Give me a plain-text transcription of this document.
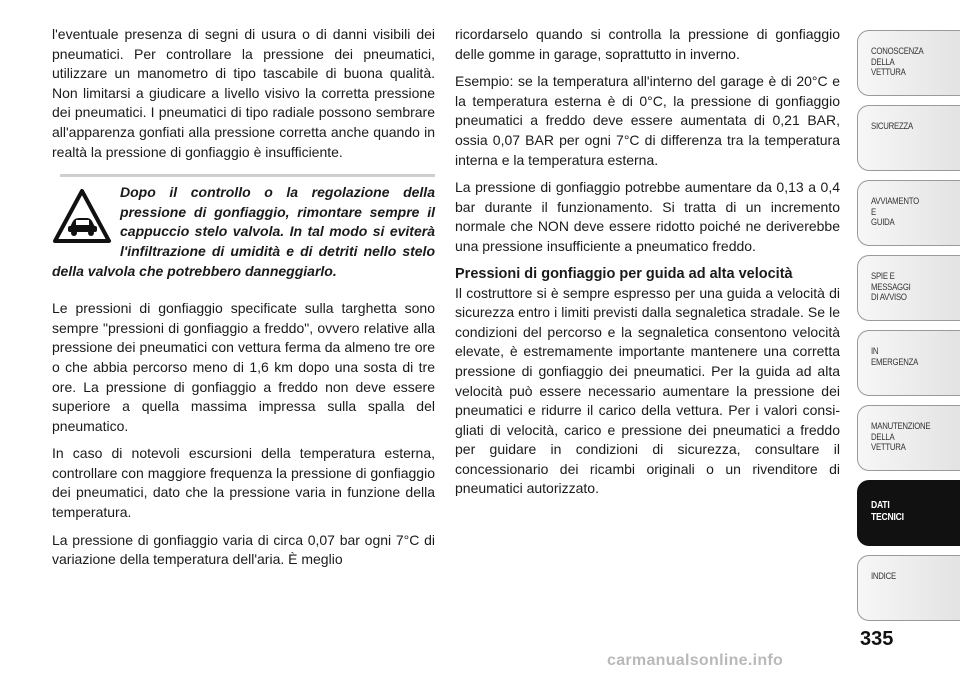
l'eventuale presenza di segni di usura o di danni visibili dei pneumatici. Per controllare la pressione dei pneumatici, utilizzare un manometro di tipo tascabile di buona qualità. Non limitarsi a giudicare a livello visivo la corretta pressione dei pneumatici. I pneumatici di tipo radiale possono sembrare all'apparenza gonfiati alla pressione corretta anche quando in realtà la pressione di gonfiaggio è insufficiente.

Dopo il controllo o la regolazione della pressione di gonfiaggio, rimontare sempre il cappuccio stelo valvola. In tal modo si eviterà l'infiltrazione di umidità e di detriti nello stelo della valvola che potrebbero danneggiarlo.

Le pressioni di gonfiaggio specificate sulla targhetta sono sempre "pressioni di gonfiaggio a freddo", ovvero relative alla pressione dei pneumatici con vettura ferma da almeno tre ore o che abbia percorso meno di 1,6 km dopo una sosta di tre ore. La pressione di gonfiaggio a freddo non deve essere superiore a quella massima impressa sulla spalla del pneumatico.

In caso di notevoli escursioni della temperatura esterna, controllare con maggiore frequenza la pressione di gonfiaggio dei pneumatici, dato che la pressione varia in funzione della temperatura.

La pressione di gonfiaggio varia di circa 0,07 bar ogni 7°C di variazione della temperatura dell'aria. È meglio

ricordarselo quando si controlla la pressione di gonfiaggio delle gomme in garage, soprattutto in inverno.

Esempio: se la temperatura all'interno del garage è di 20°C e la temperatura esterna è di 0°C, la pressione di gonfiaggio pneumatici a freddo deve essere aumentata di 0,21 BAR, ossia 0,07 BAR per ogni 7°C di differenza tra la temperatura interna e la temperatura esterna.

La pressione di gonfiaggio potrebbe aumentare da 0,13 a 0,4 bar durante il funzionamento. Si tratta di un incremento normale che NON deve essere ridotto poiché ne deriverebbe una pressione insufficiente a pneumatico freddo.

Pressioni di gonfiaggio per guida ad alta velocità

Il costruttore si è sempre espresso per una guida a velocità di sicurezza entro i limiti previsti dalla segnaletica stradale. Se le condizioni del percorso e la segnaletica consentono velocità elevate, è estremamente importante mantenere una corretta pressione di gonfiaggio dei pneumatici. Per la guida ad alta velocità può essere necessario aumentare la pressione dei pneumatici e ridurre il carico della vettura. Per i valori consigliati di velocità, carico e pressione dei pneumatici a freddo per guidare in condizioni di sicurezza, consultare il concessionario dei ricambi originali o un rivenditore di pneumatici autorizzato.

CONOSCENZA
DELLA
VETTURA
SICUREZZA
AVVIAMENTO
E
GUIDA
SPIE E
MESSAGGI
DI AVVISO
IN
EMERGENZA
MANUTENZIONE
DELLA
VETTURA
DATI
TECNICI
INDICE
335
carmanualsonline.info
